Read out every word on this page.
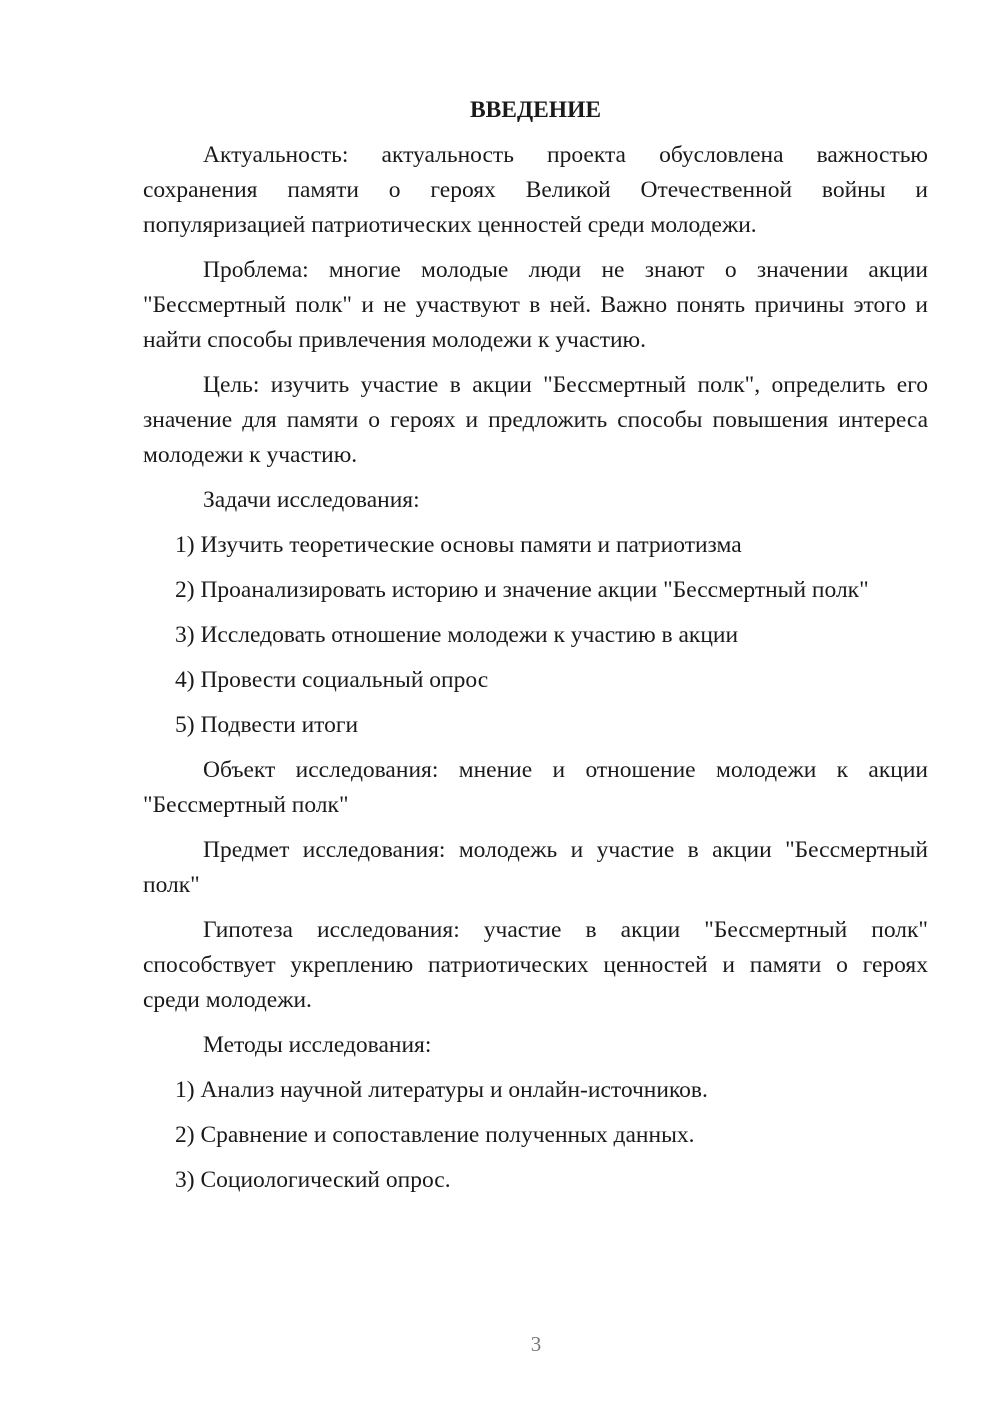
ВВЕДЕНИЕ

Актуальность: актуальность проекта обусловлена важностью сохранения памяти о героях Великой Отечественной войны и популяризацией патриотических ценностей среди молодежи.

Проблема: многие молодые люди не знают о значении акции "Бессмертный полк" и не участвуют в ней. Важно понять причины этого и найти способы привлечения молодежи к участию.

Цель: изучить участие в акции "Бессмертный полк", определить его значение для памяти о героях и предложить способы повышения интереса молодежи к участию.

Задачи исследования:
1) Изучить теоретические основы памяти и патриотизма
2) Проанализировать историю и значение акции "Бессмертный полк"
3) Исследовать отношение молодежи к участию в акции
4) Провести социальный опрос
5) Подвести итоги

Объект исследования: мнение и отношение молодежи к акции "Бессмертный полк"

Предмет исследования: молодежь и участие в акции "Бессмертный полк"

Гипотеза исследования: участие в акции "Бессмертный полк" способствует укреплению патриотических ценностей и памяти о героях среди молодежи.

Методы исследования:
1) Анализ научной литературы и онлайн-источников.
2) Сравнение и сопоставление полученных данных.
3) Социологический опрос.
3
